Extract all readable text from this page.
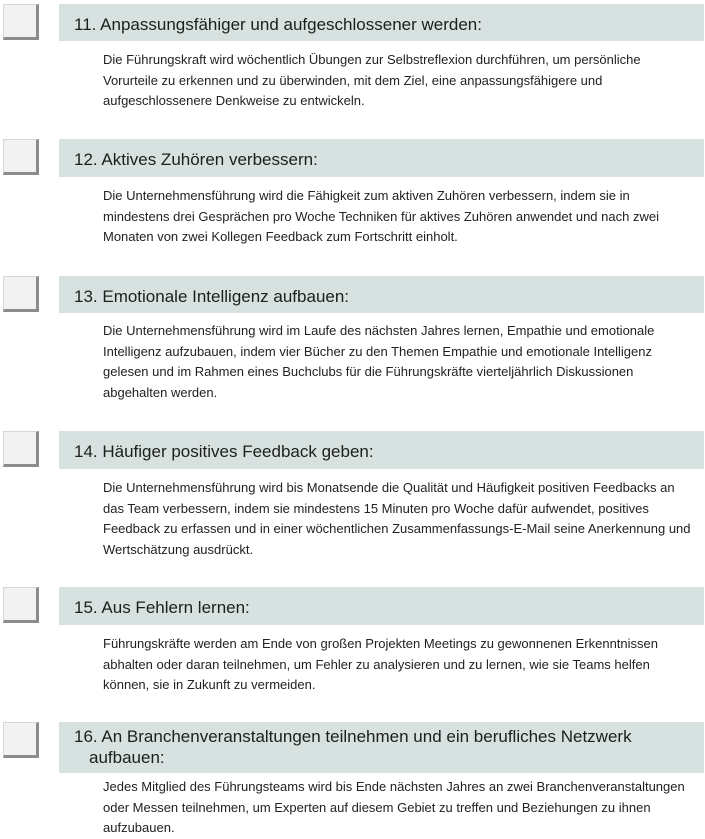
11. Anpassungsfähiger und aufgeschlossener werden:

Die Führungskraft wird wöchentlich Übungen zur Selbstreflexion durchführen, um persönliche Vorurteile zu erkennen und zu überwinden, mit dem Ziel, eine anpassungsfähigere und aufgeschlossenere Denkweise zu entwickeln.

12. Aktives Zuhören verbessern:

Die Unternehmensführung wird die Fähigkeit zum aktiven Zuhören verbessern, indem sie in mindestens drei Gesprächen pro Woche Techniken für aktives Zuhören anwendet und nach zwei Monaten von zwei Kollegen Feedback zum Fortschritt einholt.

13. Emotionale Intelligenz aufbauen:

Die Unternehmensführung wird im Laufe des nächsten Jahres lernen, Empathie und emotionale Intelligenz aufzubauen, indem vier Bücher zu den Themen Empathie und emotionale Intelligenz gelesen und im Rahmen eines Buchclubs für die Führungskräfte vierteljährlich Diskussionen abgehalten werden.

14. Häufiger positives Feedback geben:

Die Unternehmensführung wird bis Monatsende die Qualität und Häufigkeit positiven Feedbacks an das Team verbessern, indem sie mindestens 15 Minuten pro Woche dafür aufwendet, positives Feedback zu erfassen und in einer wöchentlichen Zusammenfassungs-E-Mail seine Anerkennung und Wertschätzung ausdrückt.

15. Aus Fehlern lernen:

Führungskräfte werden am Ende von großen Projekten Meetings zu gewonnenen Erkenntnissen abhalten oder daran teilnehmen, um Fehler zu analysieren und zu lernen, wie sie Teams helfen können, sie in Zukunft zu vermeiden.

16. An Branchenveranstaltungen teilnehmen und ein berufliches Netzwerk aufbauen:

Jedes Mitglied des Führungsteams wird bis Ende nächsten Jahres an zwei Branchenveranstaltungen oder Messen teilnehmen, um Experten auf diesem Gebiet zu treffen und Beziehungen zu ihnen aufzubauen.
